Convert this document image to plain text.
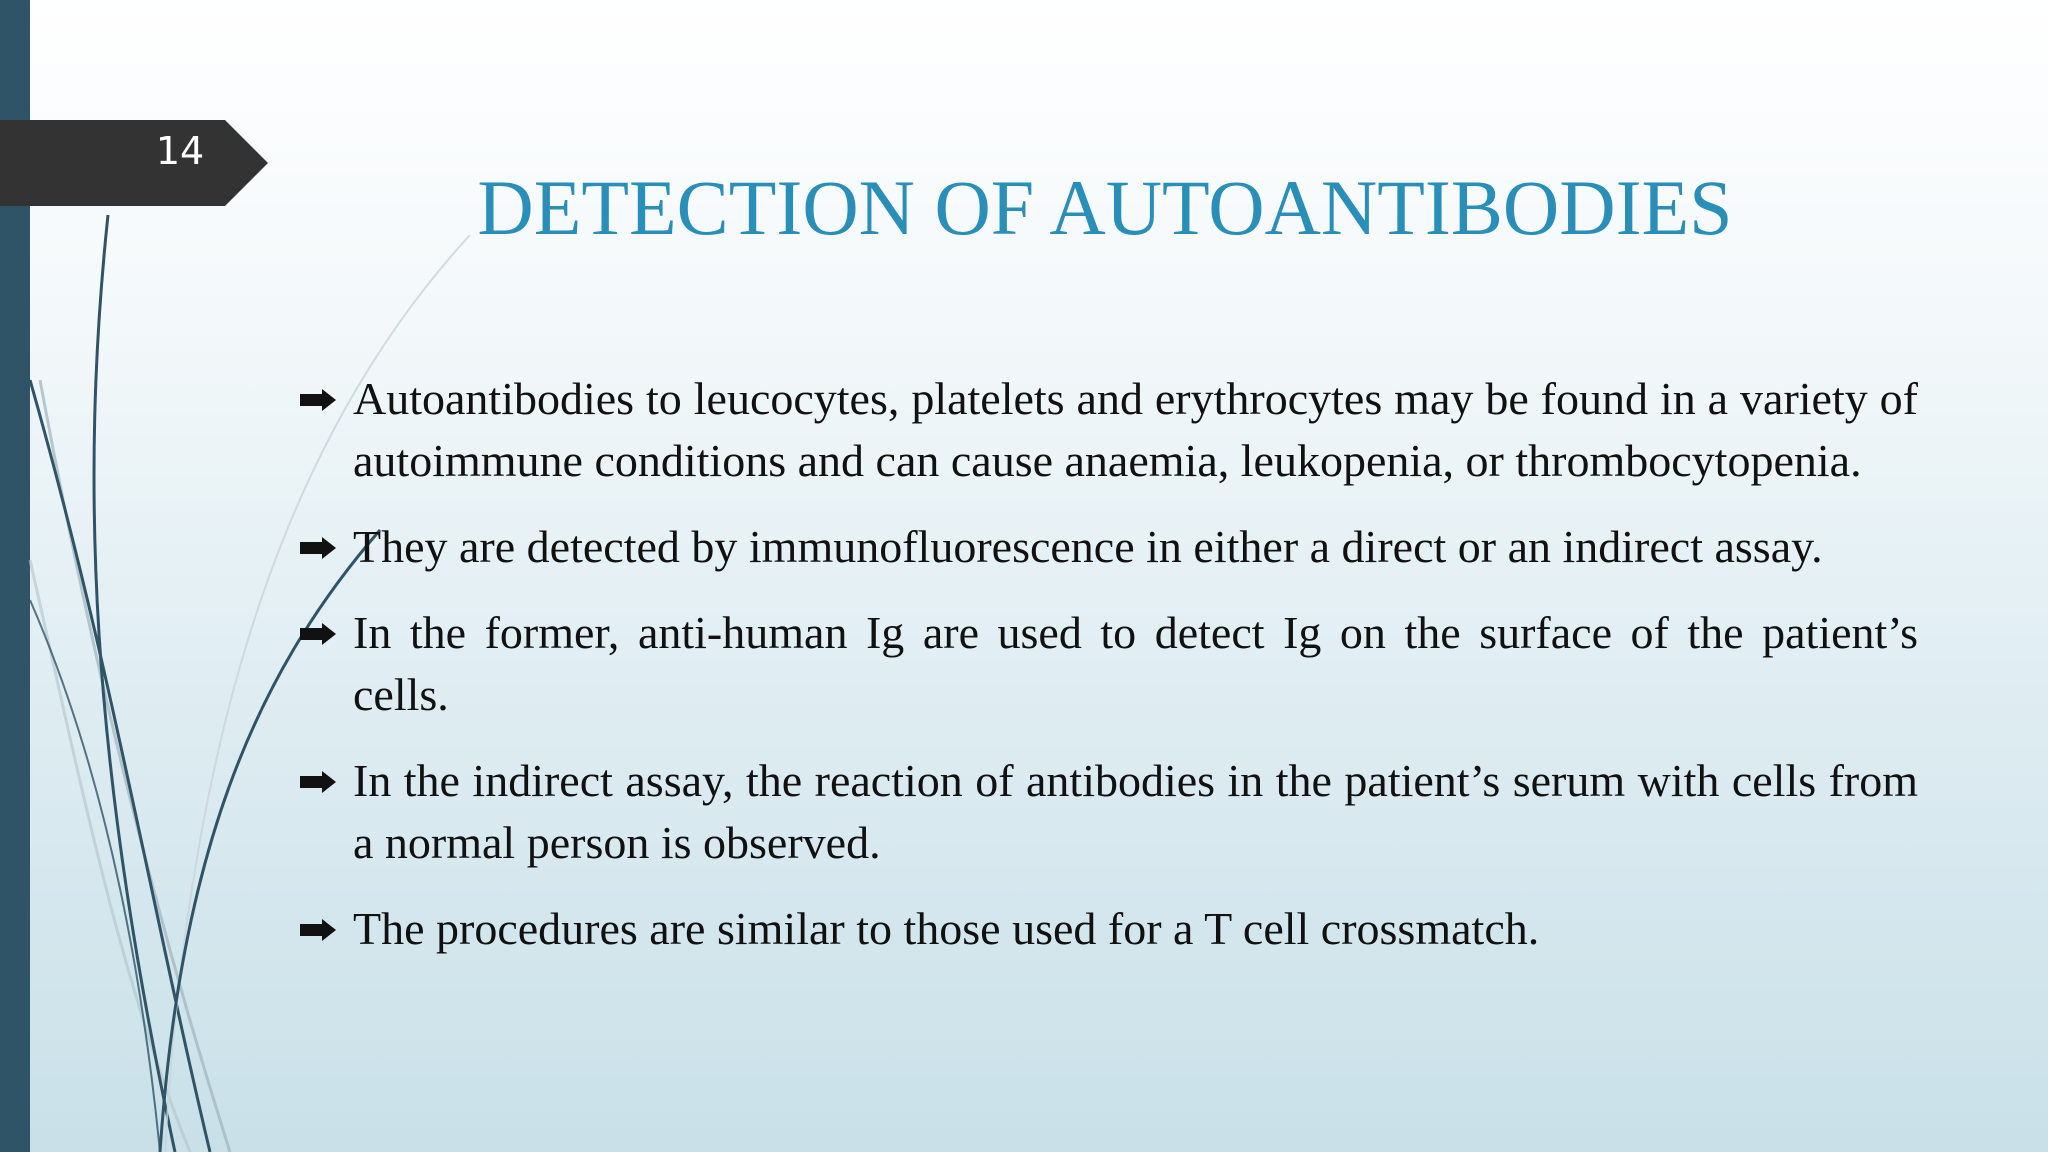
14
DETECTION OF AUTOANTIBODIES
Autoantibodies to leucocytes, platelets and erythrocytes may be found in a variety of autoimmune conditions and can cause anaemia, leukopenia, or thrombocytopenia.
They are detected by immunofluorescence in either a direct or an indirect assay.
In the former, anti-human Ig are used to detect Ig on the surface of the patient’s cells.
In the indirect assay, the reaction of antibodies in the patient’s serum with cells from a normal person is observed.
The procedures are similar to those used for a T cell crossmatch.
